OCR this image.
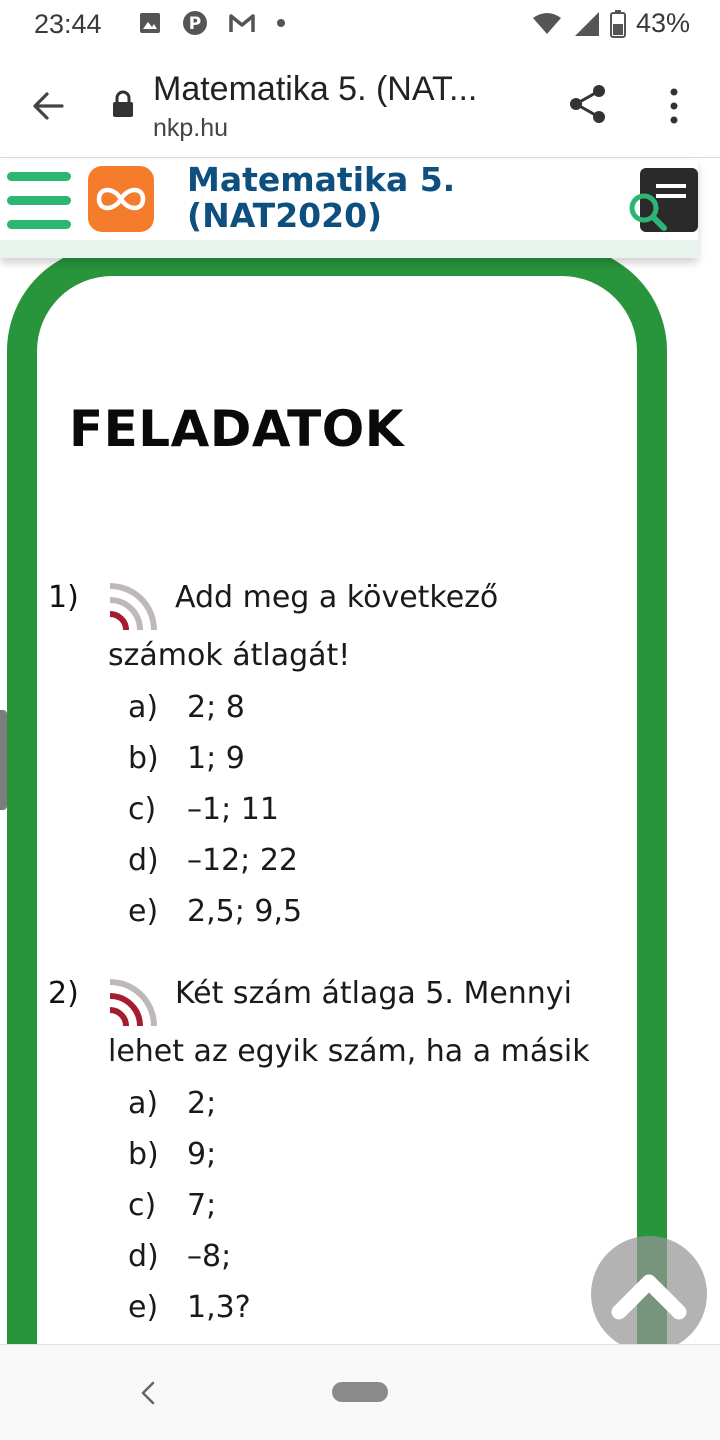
23:44	P	43%
Matematika 5. (NAT...
nkp.hu
Matematika 5.
(NAT2020)
FELADATOK
1)	Add meg a következő
számok átlagát!
a) 2; 8
b) 1; 9
c) –1; 11
d) –12; 22
e) 2,5; 9,5
2)	Két szám átlaga 5. Mennyi
lehet az egyik szám, ha a másik
a) 2;
b) 9;
c) 7;
d) –8;
e) 1,3?
